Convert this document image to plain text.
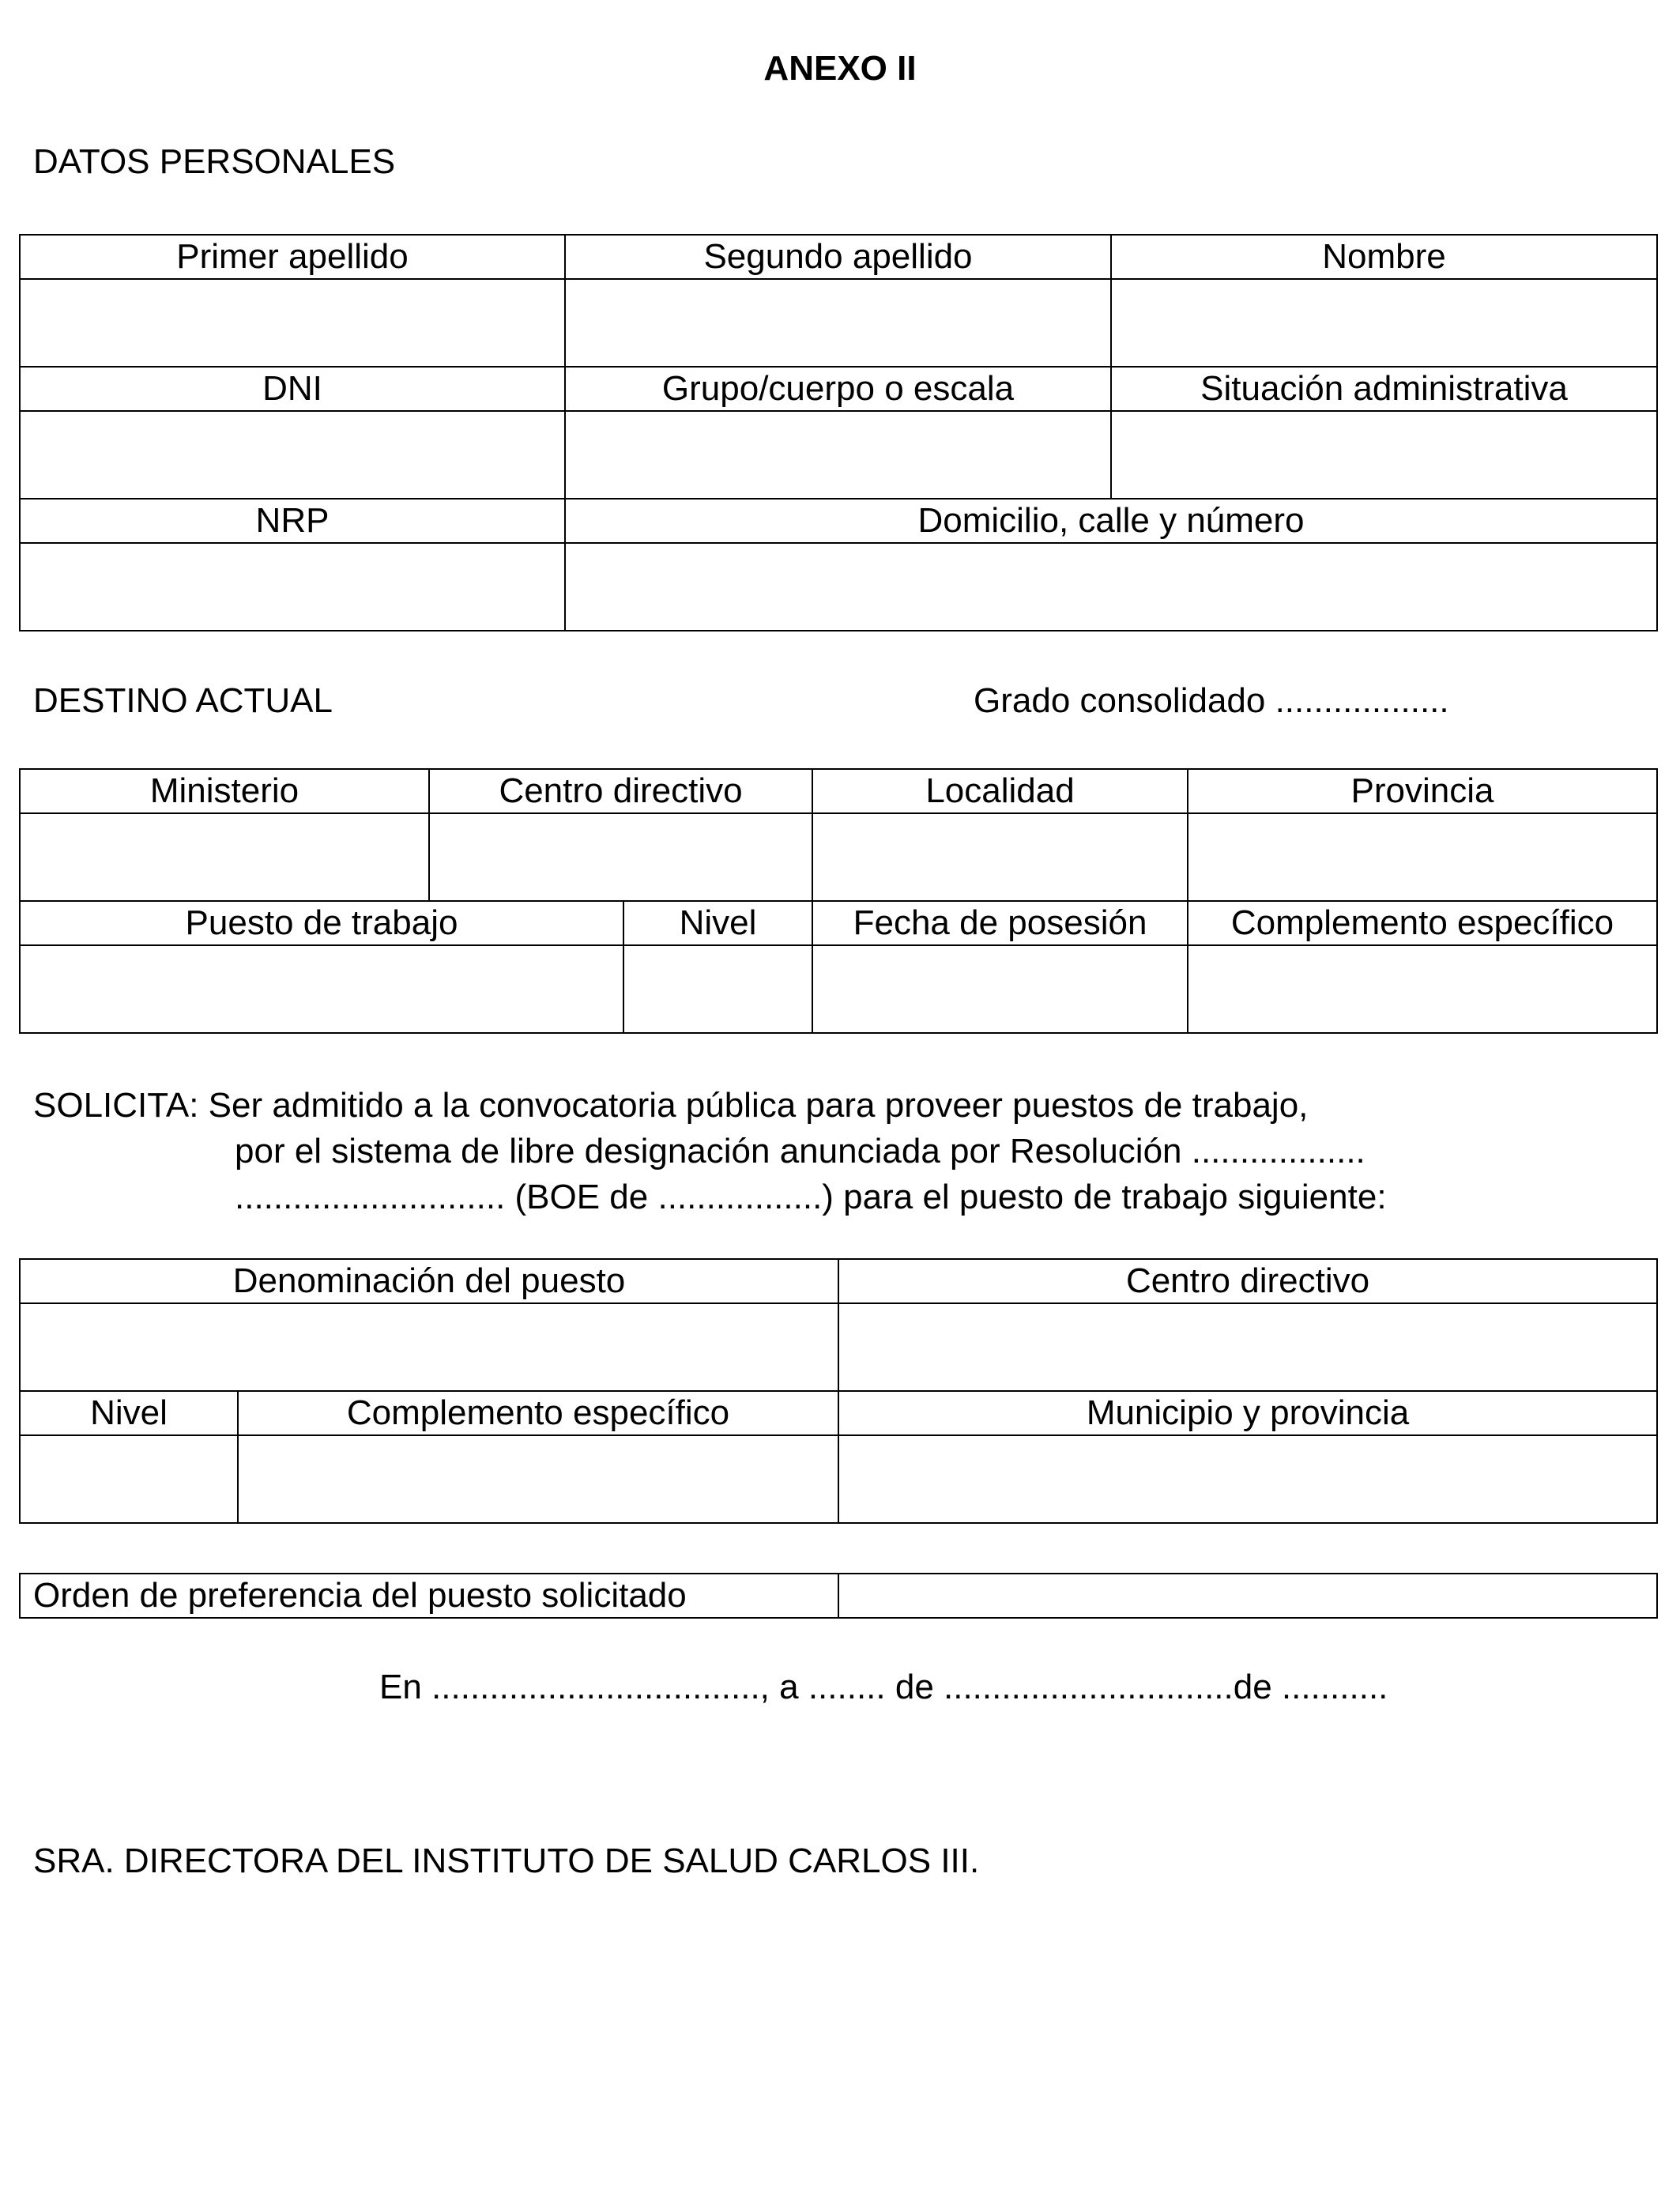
ANEXO II
DATOS PERSONALES
Primer apellido	Segundo apellido	Nombre

DNI	Grupo/cuerpo o escala	Situación administrativa

NRP	Domicilio, calle y número	

DESTINO ACTUAL	Grado consolidado ..................
Ministerio	Centro directivo		Localidad	Provincia

Puesto de trabajo		Nivel	Fecha de posesión	Complemento específico

SOLICITA: Ser admitido a la convocatoria pública para proveer puestos de trabajo,
por el sistema de libre designación anunciada por Resolución ..................
............................ (BOE de .................) para el puesto de trabajo siguiente:
Denominación del puesto		Centro directivo

Nivel	Complemento específico	Municipio y provincia

Orden de preferencia del puesto solicitado	
En .................................., a ........ de ..............................de ...........
SRA. DIRECTORA DEL INSTITUTO DE SALUD CARLOS III.
